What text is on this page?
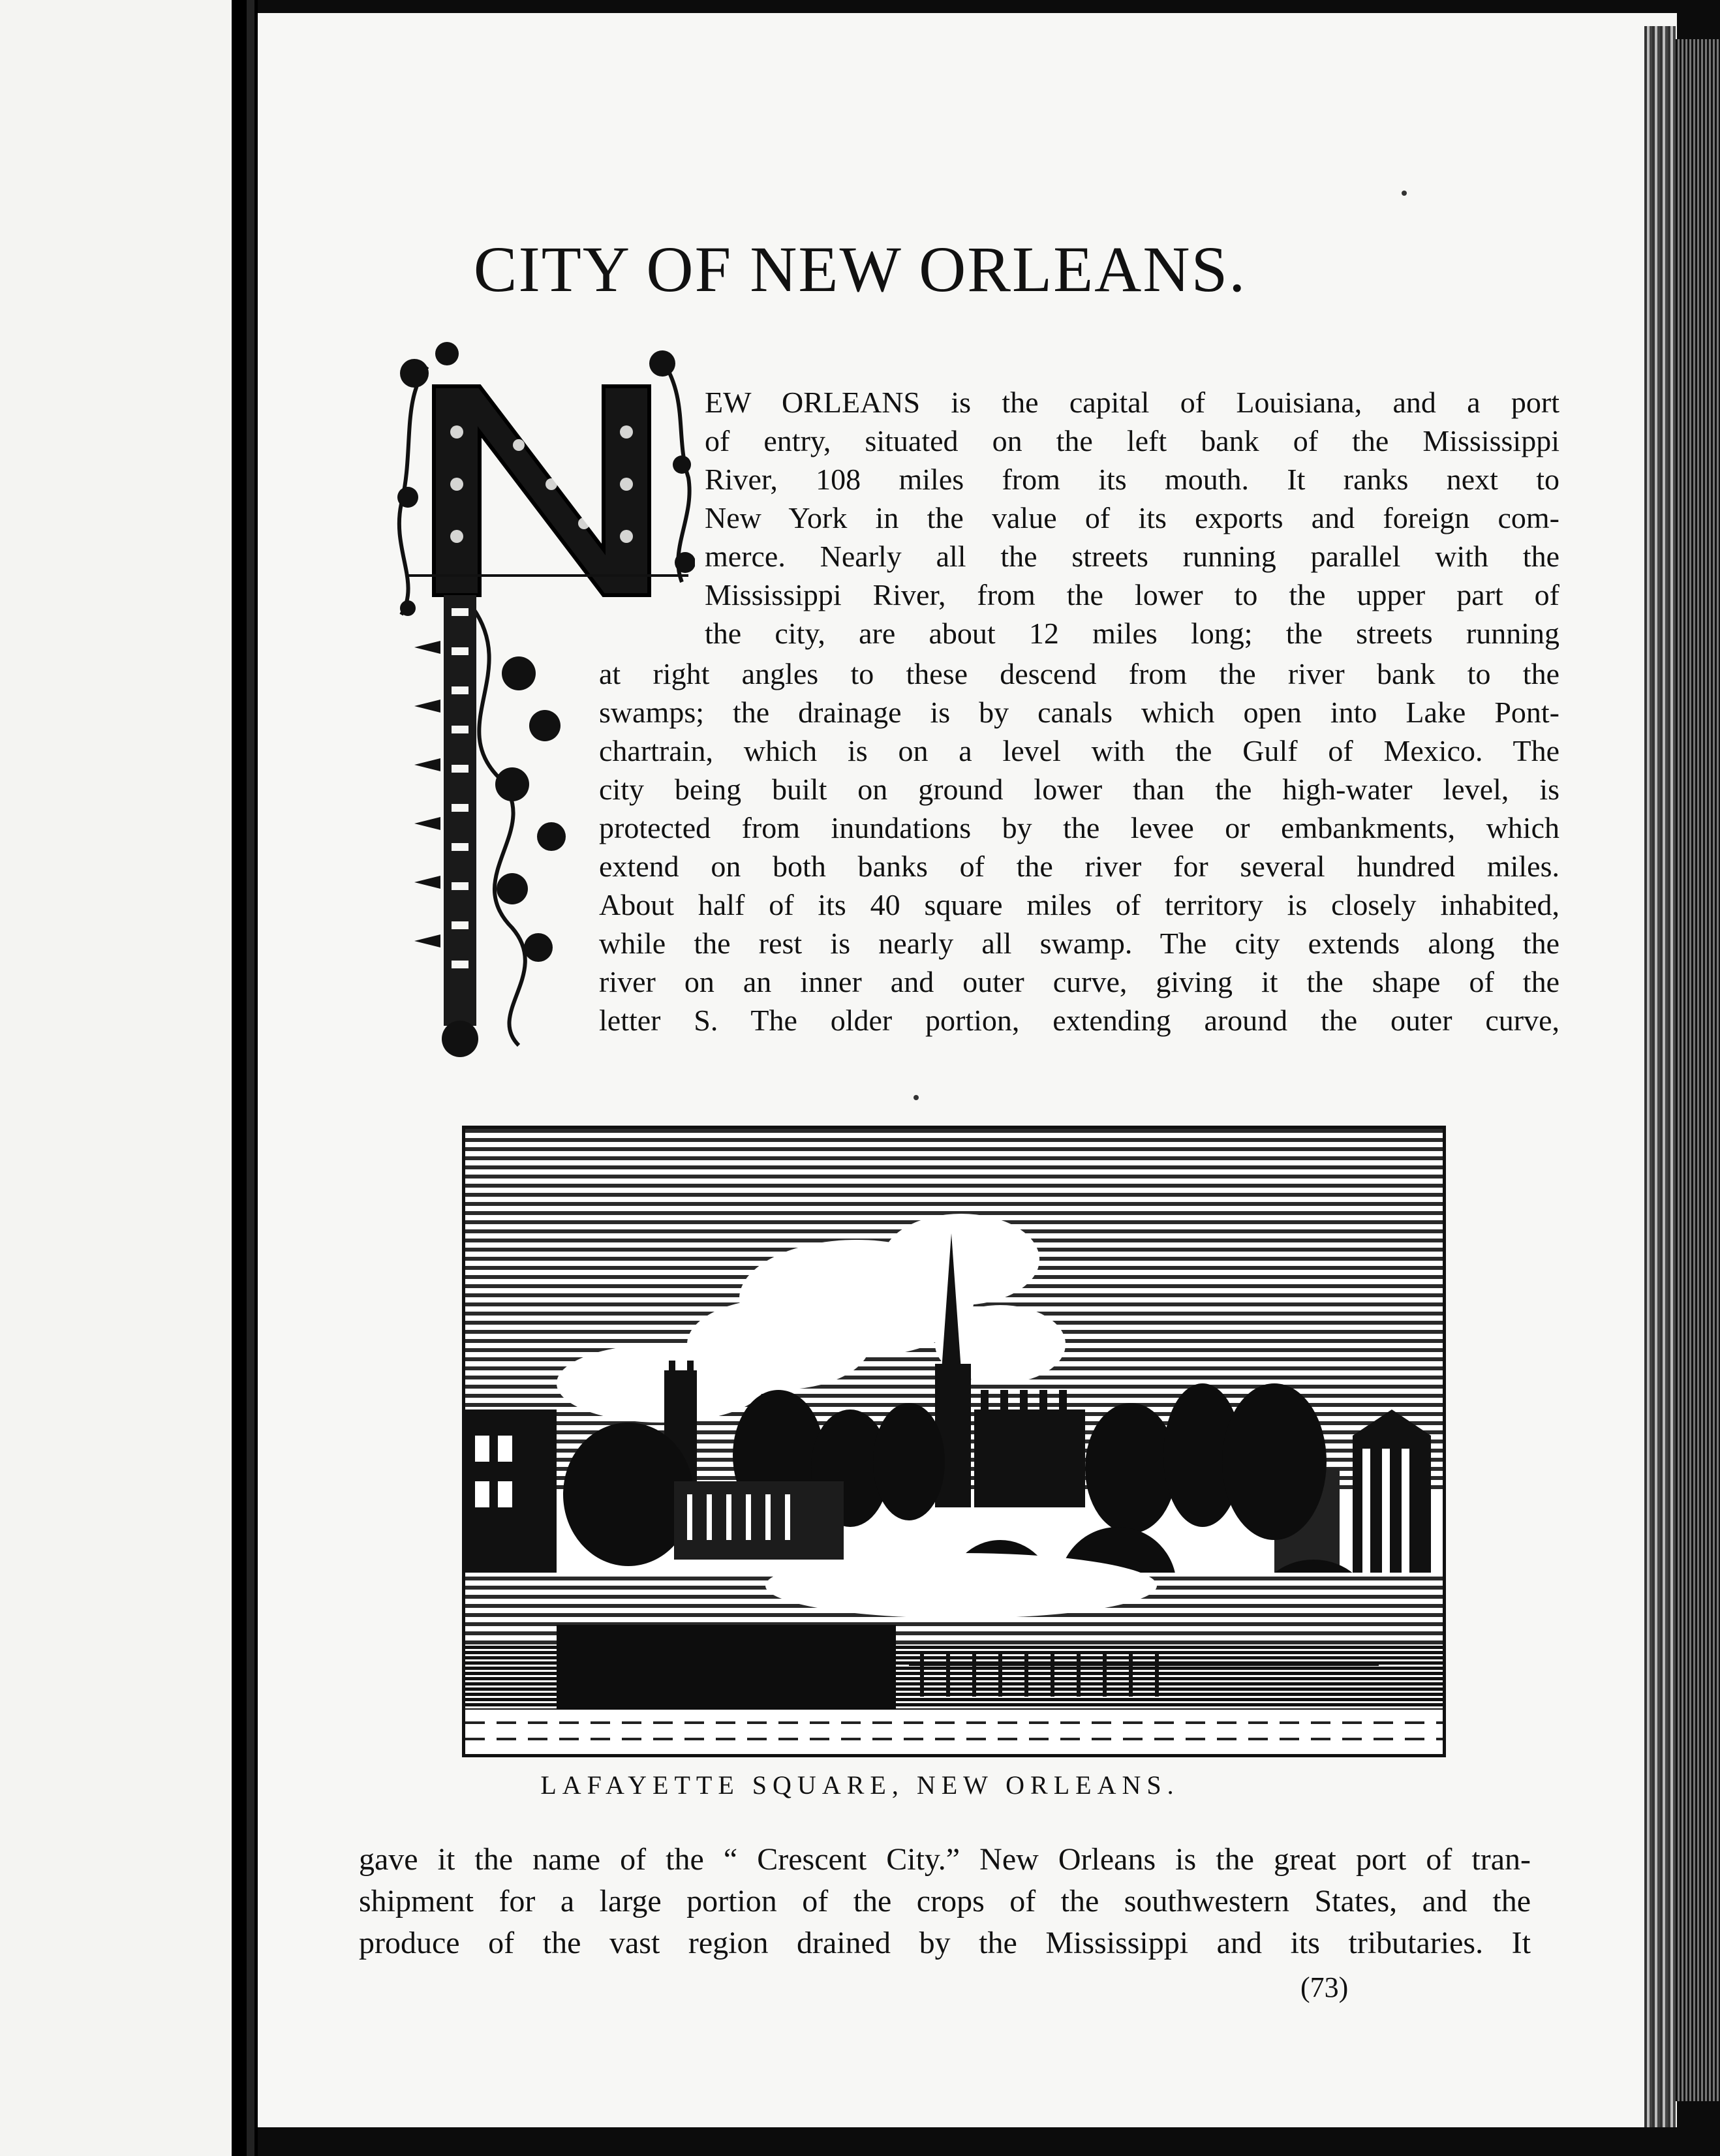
CITY OF NEW ORLEANS.
EW ORLEANS is the capital of Louisiana, and a port
of entry, situated on the left bank of the Mississippi
River, 108 miles from its mouth. It ranks next to
New York in the value of its exports and foreign com-
merce. Nearly all the streets running parallel with the
Mississippi River, from the lower to the upper part of
the city, are about 12 miles long; the streets running
at right angles to these descend from the river bank to the
swamps; the drainage is by canals which open into Lake Pont-
chartrain, which is on a level with the Gulf of Mexico. The
city being built on ground lower than the high-water level, is
protected from inundations by the levee or embankments, which
extend on both banks of the river for several hundred miles.
About half of its 40 square miles of territory is closely inhabited,
while the rest is nearly all swamp. The city extends along the
river on an inner and outer curve, giving it the shape of the
letter S. The older portion, extending around the outer curve,
LAFAYETTE SQUARE, NEW ORLEANS.
gave it the name of the “ Crescent City.” New Orleans is the great port of tran-
shipment for a large portion of the crops of the southwestern States, and the
produce of the vast region drained by the Mississippi and its tributaries. It
(73)
